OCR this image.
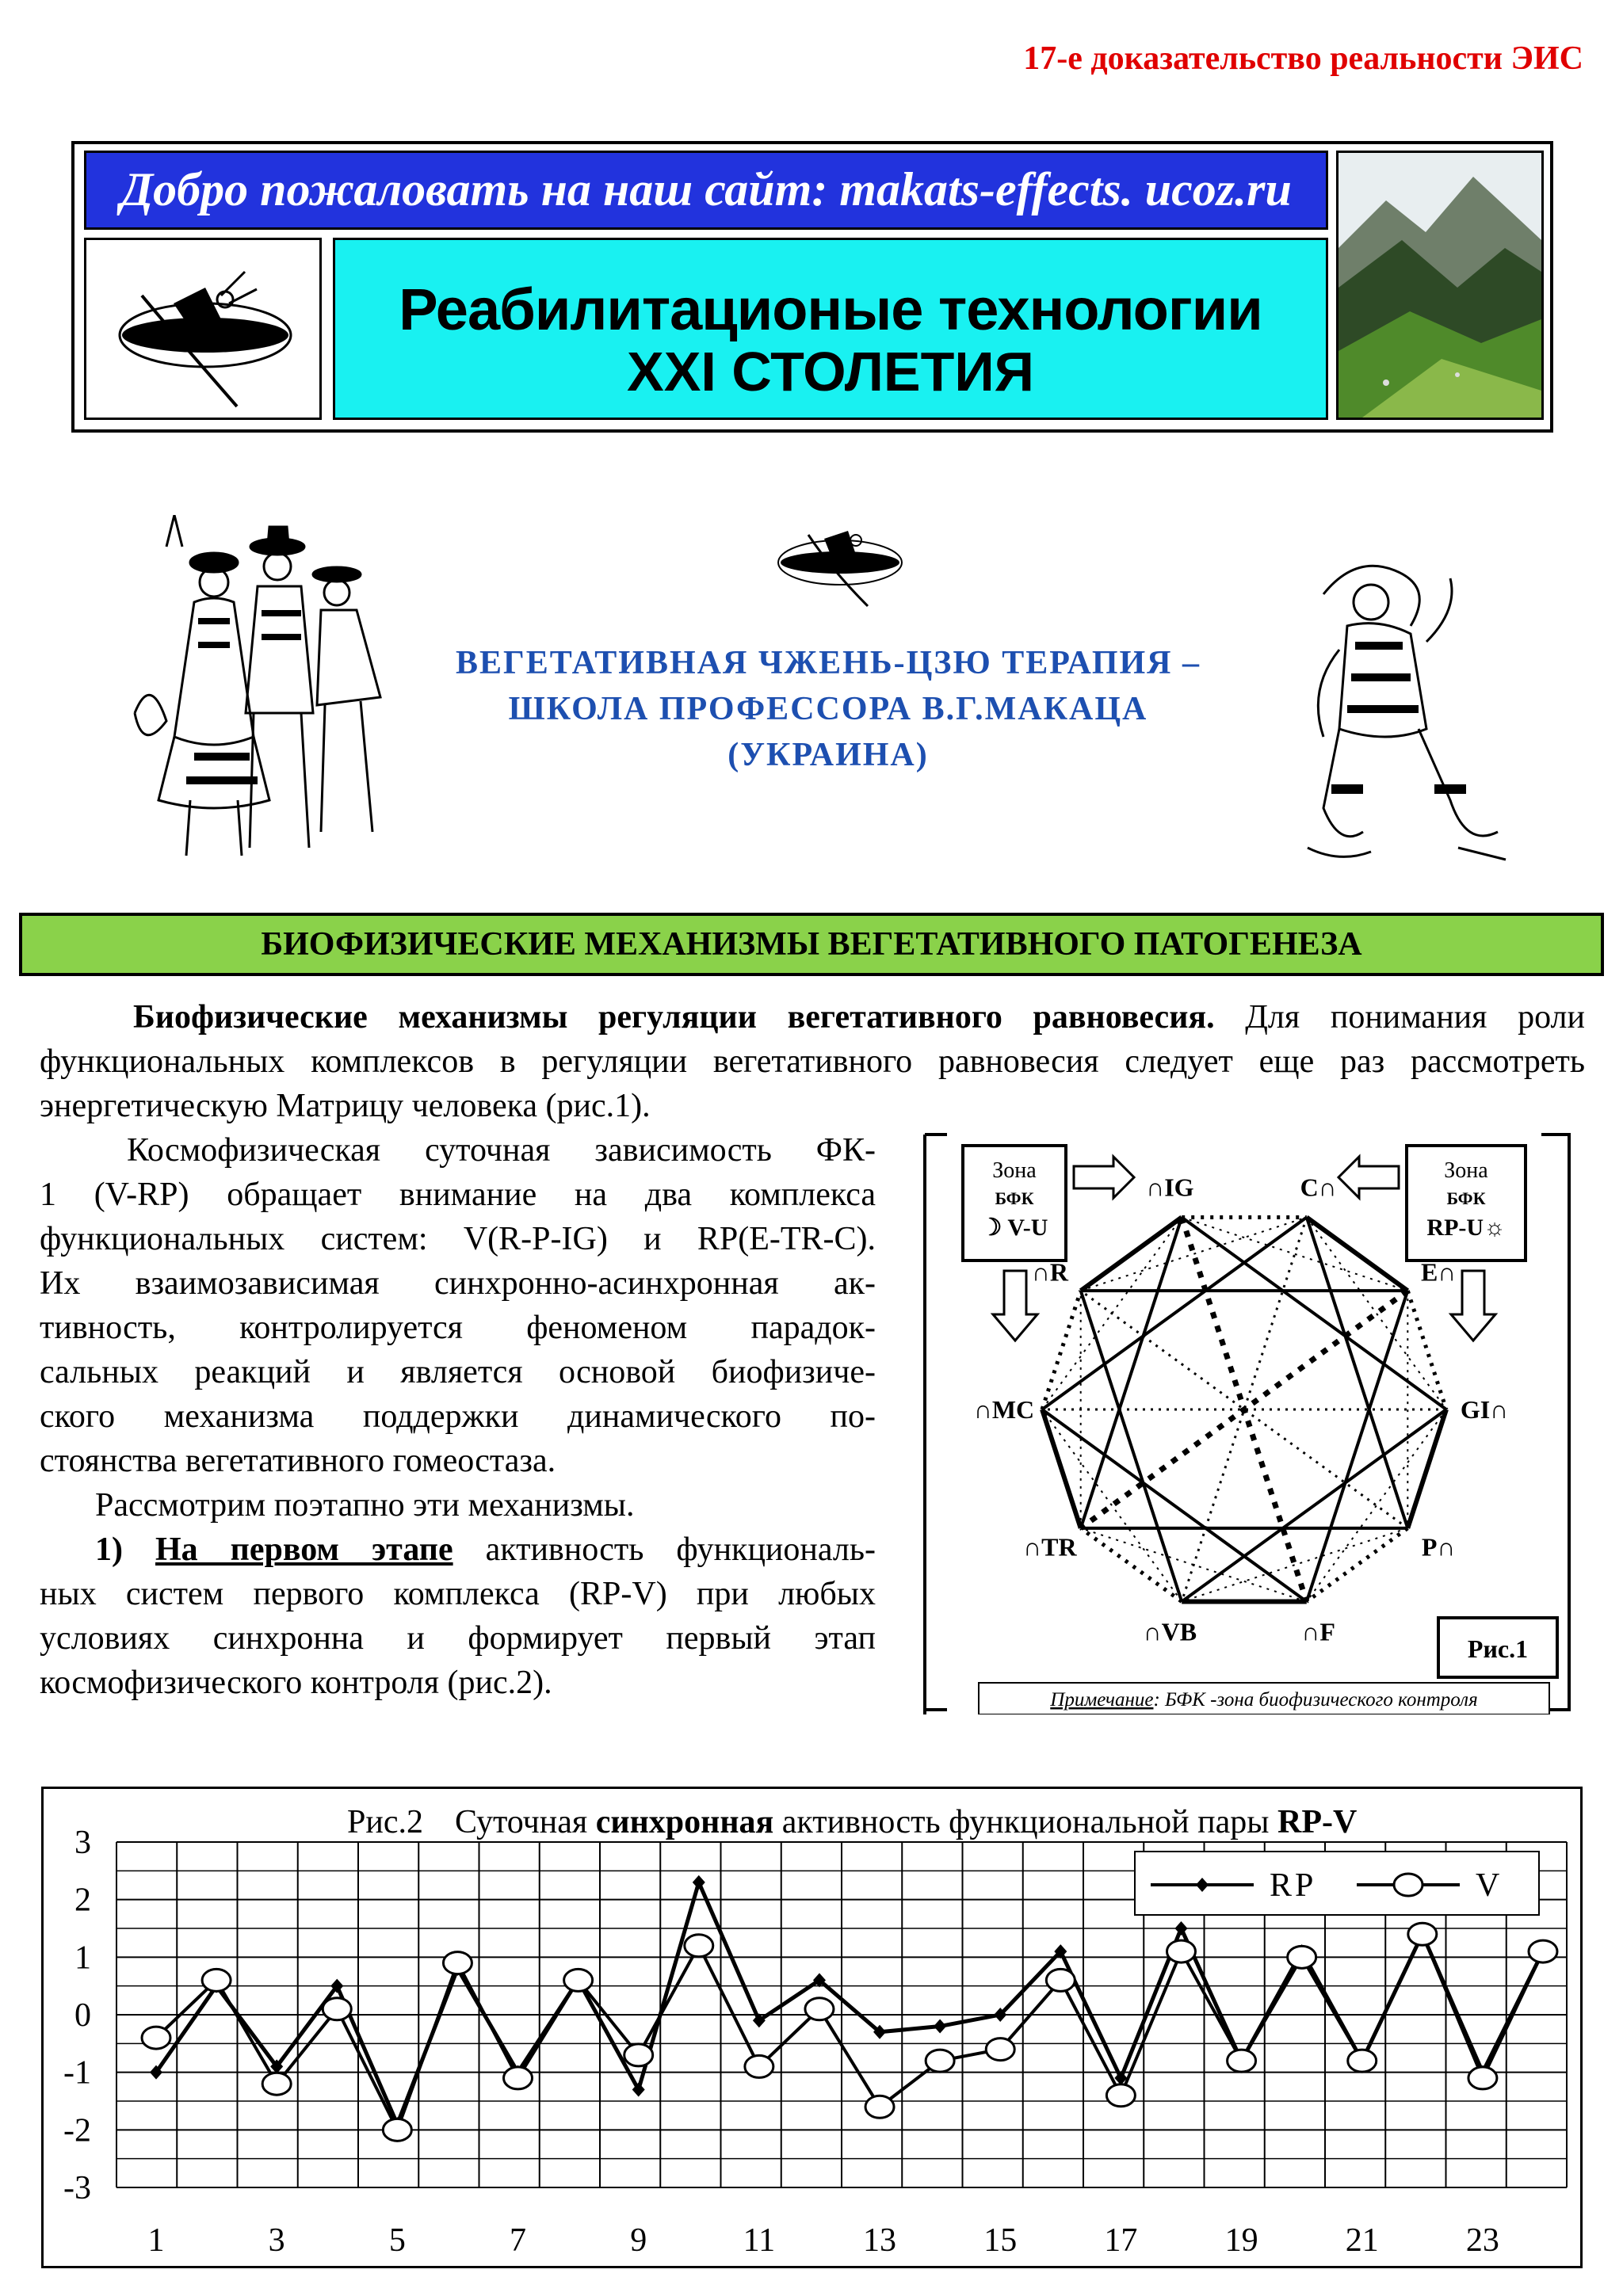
17-е доказательство реальности ЭИС
Добро пожаловать на наш сайт: makats-effects. ucoz.ru
Реабилитационые технологии
XXI СТОЛЕТИЯ
ВЕГЕТАТИВНАЯ ЧЖЕНЬ-ЦЗЮ ТЕРАПИЯ –
ШКОЛА ПРОФЕССОРА В.Г.МАКАЦА
(УКРАИНА)
БИОФИЗИЧЕСКИЕ МЕХАНИЗМЫ ВЕГЕТАТИВНОГО ПАТОГЕНЕЗА
Биофизические механизмы регуляции вегетативного равновесия. Для понимания роли функциональных комплексов в регуляции вегетативного равновесия следует еще раз рассмотреть энергетическую Матрицу человека (рис.1).
Космофизическая суточная зависимость ФК-
1 (V-RP) обращает внимание на два комплекса
функциональных систем: V(R-P-IG) и RP(E-TR-C).
Их взаимозависимая синхронно-асинхронная ак-
тивность, контролируется феноменом парадок-
сальных реакций и является основой биофизиче-
ского механизма поддержки динамического по-
стоянства вегетативного гомеостаза.
Рассмотрим поэтапно эти механизмы.
1) На первом этапе активность функциональ-
ных систем первого комплекса (RP-V) при любых
условиях синхронна и формирует первый этап
космофизического контроля (рис.2).
Зона
БФК
☽ V-U
Зона
БФК
RP-U☼
∩IG	C∩
E∩
GI∩
P∩
∩F
∩VB
∩TR
∩MC
∩R
Рис.1
Примечание: БФК -зона биофизического контроля
Рис.2 Суточная синхронная активность функциональной пары RP-V
3
2
1
0
-1
-2
-3
1	3	5	7	9	11	13	15	17	19	21	23
RP	V
